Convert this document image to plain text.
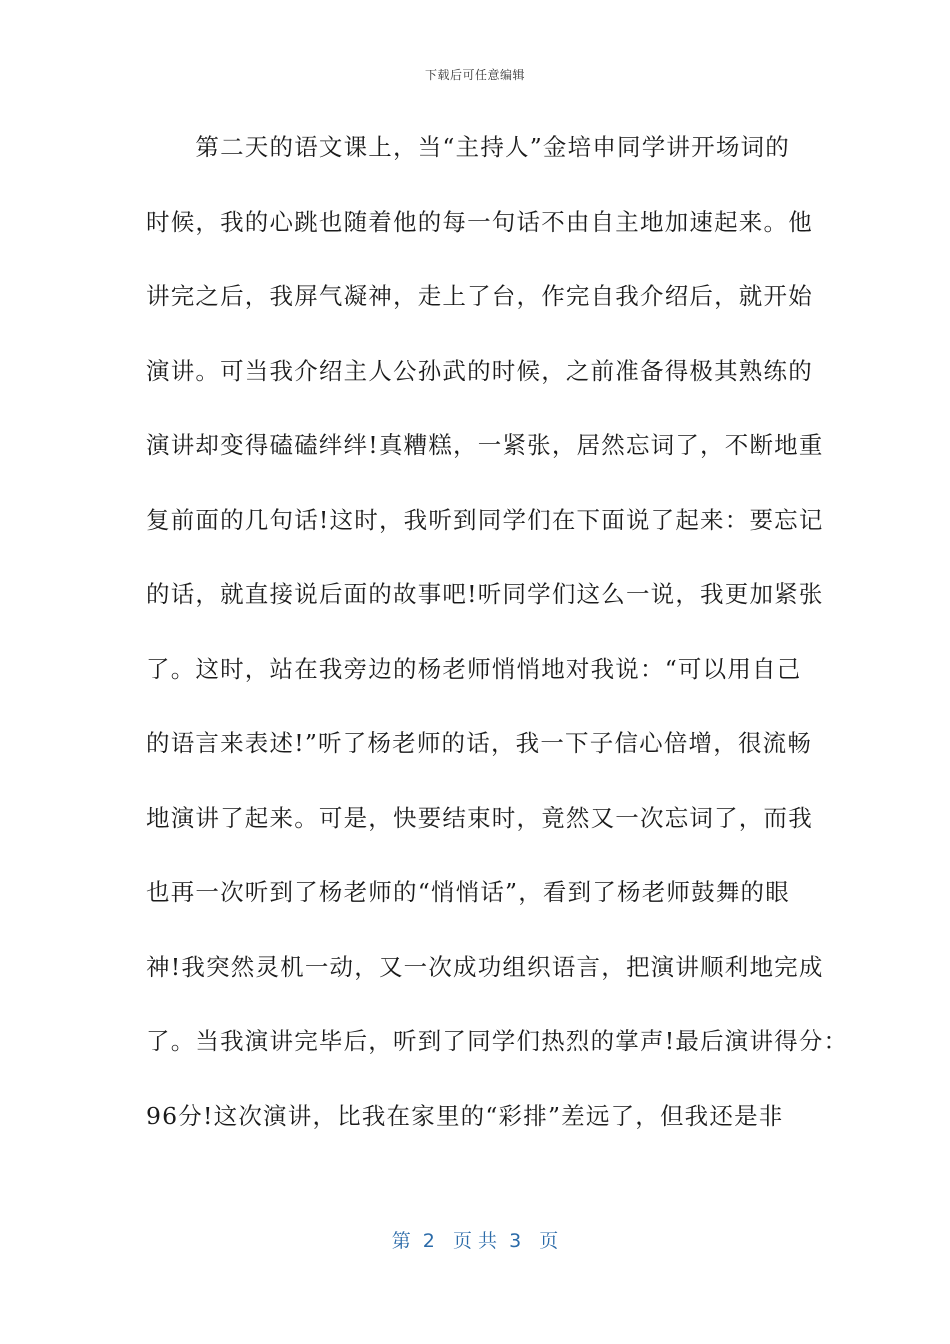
下载后可任意编辑
　　第二天的语文课上，当“主持人”金培申同学讲开场词的
时候，我的心跳也随着他的每一句话不由自主地加速起来。他
讲完之后，我屏气凝神，走上了台，作完自我介绍后，就开始
演讲。可当我介绍主人公孙武的时候，之前准备得极其熟练的
演讲却变得磕磕绊绊!真糟糕，一紧张，居然忘词了，不断地重
复前面的几句话!这时，我听到同学们在下面说了起来：要忘记
的话，就直接说后面的故事吧!听同学们这么一说，我更加紧张
了。这时，站在我旁边的杨老师悄悄地对我说：“可以用自己
的语言来表述!”听了杨老师的话，我一下子信心倍增，很流畅
地演讲了起来。可是，快要结束时，竟然又一次忘词了，而我
也再一次听到了杨老师的“悄悄话”，看到了杨老师鼓舞的眼
神!我突然灵机一动，又一次成功组织语言，把演讲顺利地完成
了。当我演讲完毕后，听到了同学们热烈的掌声!最后演讲得分：
96分!这次演讲，比我在家里的“彩排”差远了，但我还是非
第  2   页 共  3   页
